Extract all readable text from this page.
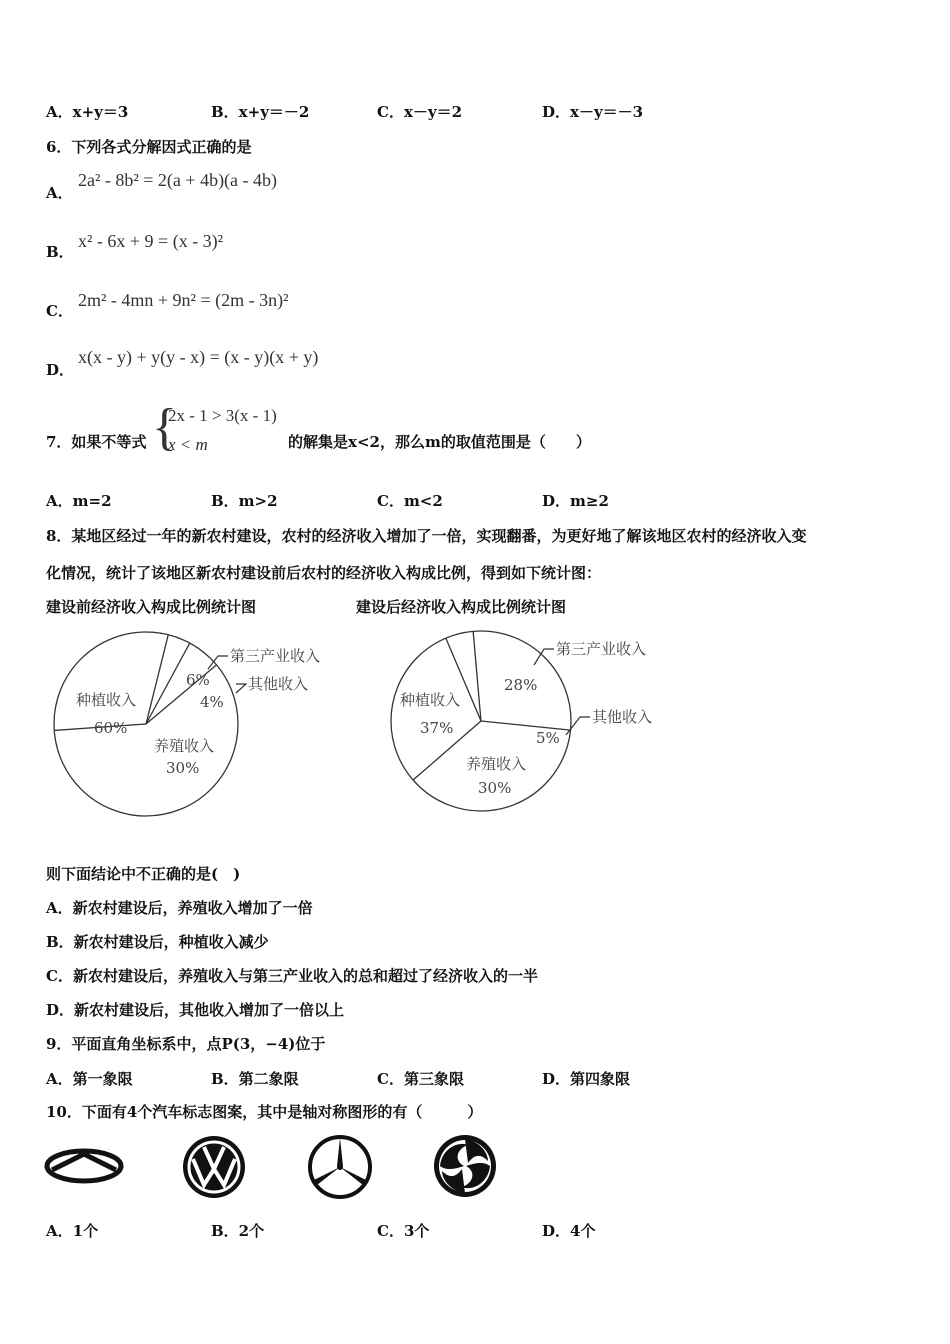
A．x+y＝3	B．x+y＝－2	C．x－y＝2	D．x－y＝－3
6．下列各式分解因式正确的是
A．
2a² - 8b² = 2(a + 4b)(a - 4b)
B．
x² - 6x + 9 = (x - 3)²
C．
2m² - 4mn + 9n² = (2m - 3n)²
D．
x(x - y) + y(y - x) = (x - y)(x + y)
7．如果不等式 {
2x - 1 > 3(x - 1)
x < m	的解集是x<2，那么m的取值范围是（　　）
A．m=2	B．m>2	C．m<2	D．m≥2
8．某地区经过一年的新农村建设，农村的经济收入增加了一倍，实现翻番，为更好地了解该地区农村的经济收入变
化情况，统计了该地区新农村建设前后农村的经济收入构成比例，得到如下统计图：
建设前经济收入构成比例统计图	建设后经济收入构成比例统计图
种植收入
60%
养殖收入
30%
其他收入
4%
第三产业收入
6%
第三产业收入
28%
种植收入
37%
养殖收入
30%
其他收入
5%
则下面结论中不正确的是(　)
A．新农村建设后，养殖收入增加了一倍
B．新农村建设后，种植收入减少
C．新农村建设后，养殖收入与第三产业收入的总和超过了经济收入的一半
D．新农村建设后，其他收入增加了一倍以上
9．平面直角坐标系中，点P(3，−4)位于
A．第一象限	B．第二象限	C．第三象限	D．第四象限
10．下面有4个汽车标志图案，其中是轴对称图形的有（　　　）
A．1个	B．2个	C．3个	D．4个
